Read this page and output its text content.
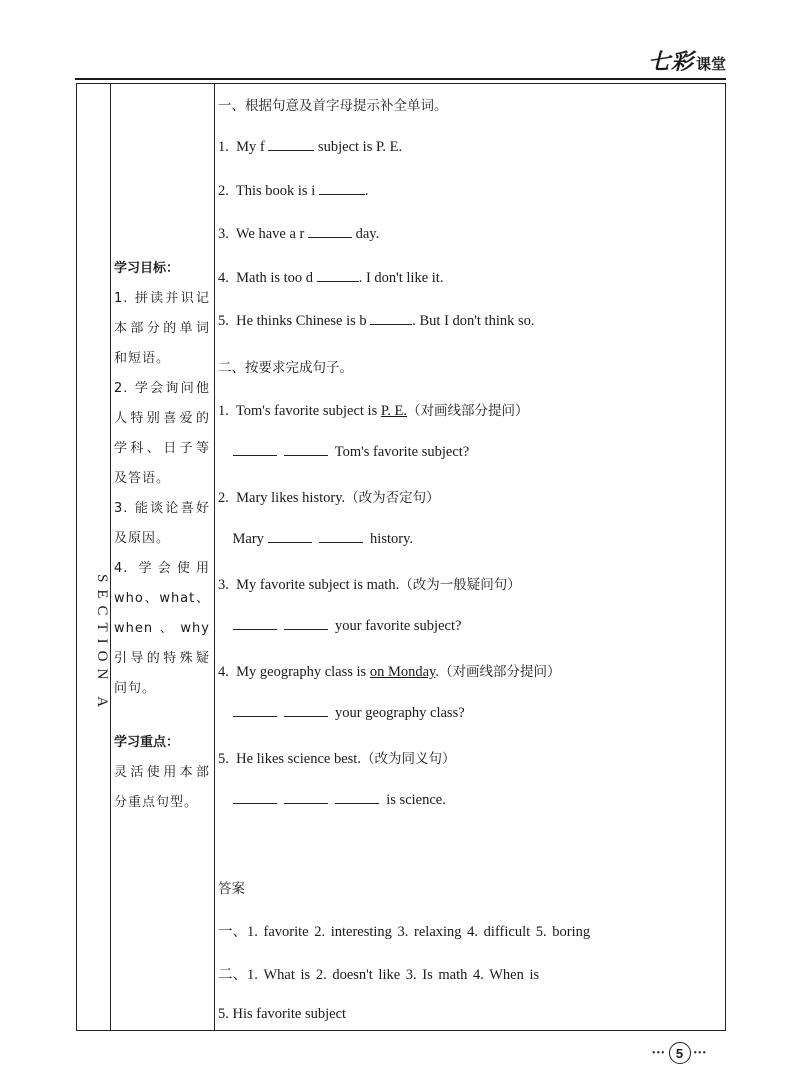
七彩 课堂
SECTION A
学习目标：

1. 拼读并识记本部分的单词和短语。

2. 学会询问他人特别喜爱的学科、日子等及答语。

3. 能谈论喜好及原因。

4. 学会使用 who、what、when、why 引导的特殊疑问句。

学习重点：

灵活使用本部分重点句型。

一、根据句意及首字母提示补全单词。
1. My f	subject is P. E.
2. This book is i	.
3. We have a r	day.
4. Math is too d	. I don't like it.
5. He thinks Chinese is b	. But I don't think so.
二、按要求完成句子。
1. Tom's favorite subject is P. E.（对画线部分提问）
Tom's favorite subject?
2. Mary likes history.（改为否定句）
Mary	history.
3. My favorite subject is math.（改为一般疑问句）
your favorite subject?
4. My geography class is on Monday.（对画线部分提问）
your geography class?
5. He likes science best.（改为同义句）
is science.
答案
一、1. favorite 2. interesting 3. relaxing 4. difficult 5. boring
二、1. What is 2. doesn't like 3. Is math 4. When is
5. His favorite subject
••• 5	•••
